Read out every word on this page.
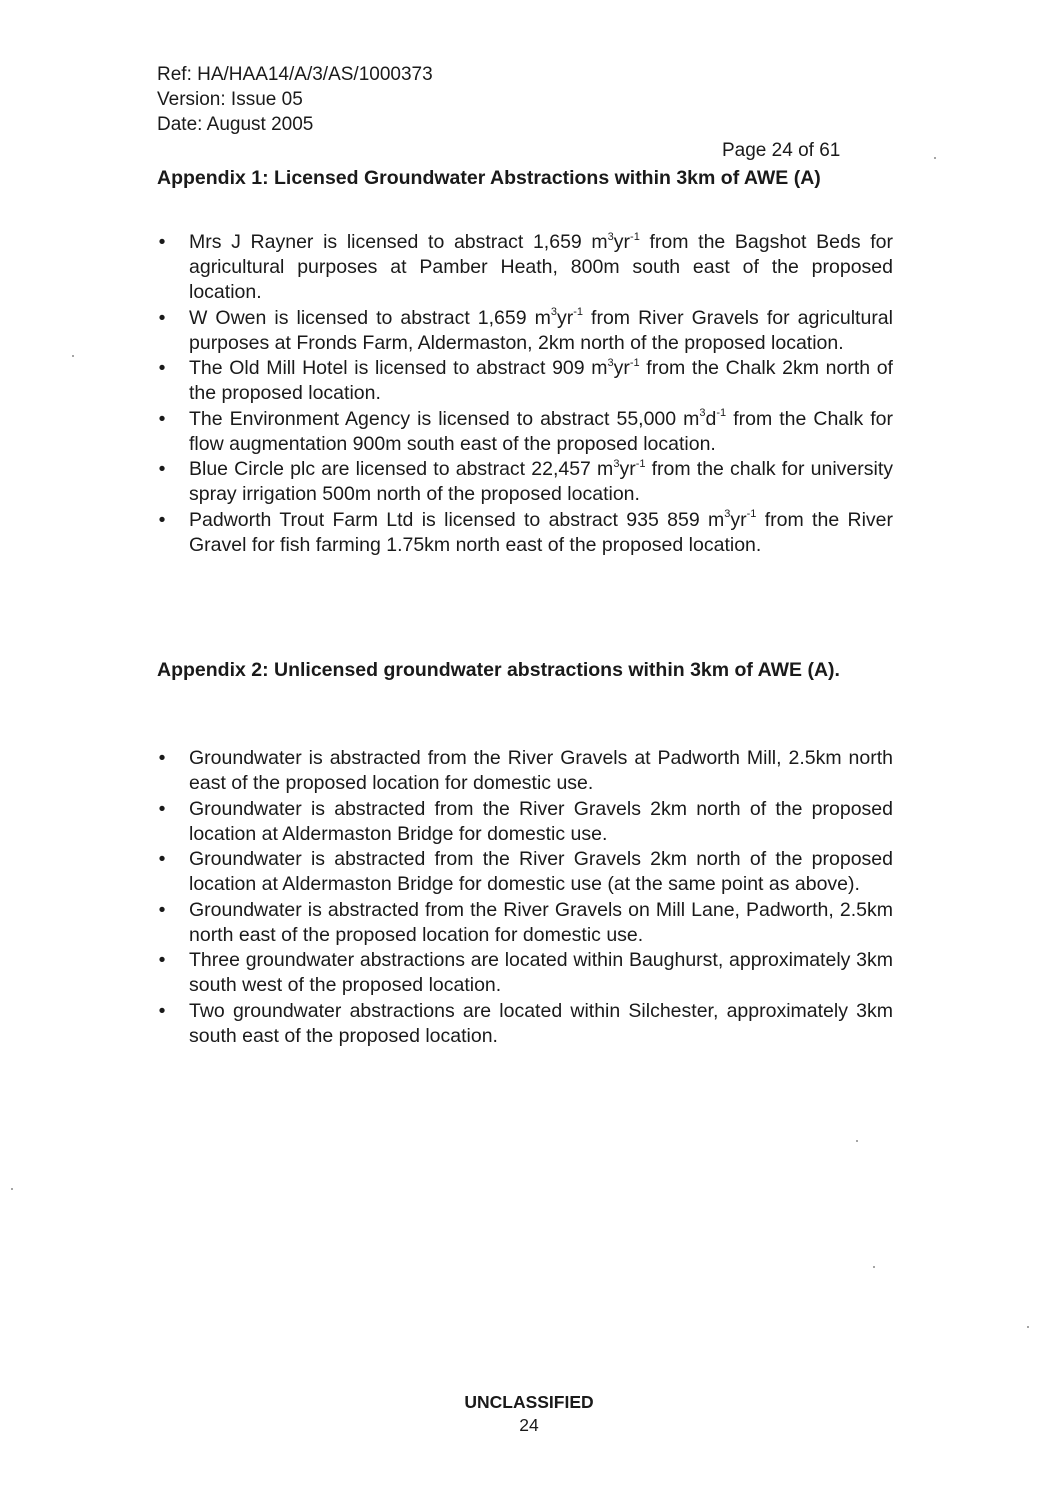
Ref: HA/HAA14/A/3/AS/1000373
Version: Issue 05
Date: August 2005
Page 24 of 61
Appendix 1: Licensed Groundwater Abstractions within 3km of AWE (A)
• Mrs J Rayner is licensed to abstract 1,659 $m^3yr^{-1}$ from the Bagshot Beds for agricultural purposes at Pamber Heath, 800m south east of the proposed location.
• W Owen is licensed to abstract 1,659 $m^3yr^{-1}$ from River Gravels for agricultural purposes at Fronds Farm, Aldermaston, 2km north of the proposed location.
• The Old Mill Hotel is licensed to abstract 909 $m^3yr^{-1}$ from the Chalk 2km north of the proposed location.
• The Environment Agency is licensed to abstract 55,000 $m^3d^{-1}$ from the Chalk for flow augmentation 900m south east of the proposed location.
• Blue Circle plc are licensed to abstract 22,457 $m^3yr^{-1}$ from the chalk for university spray irrigation 500m north of the proposed location.
• Padworth Trout Farm Ltd is licensed to abstract 935 859 $m^3yr^{-1}$ from the River Gravel for fish farming 1.75km north east of the proposed location.
Appendix 2: Unlicensed groundwater abstractions within 3km of AWE (A).
• Groundwater is abstracted from the River Gravels at Padworth Mill, 2.5km north east of the proposed location for domestic use.
• Groundwater is abstracted from the River Gravels 2km north of the proposed location at Aldermaston Bridge for domestic use.
• Groundwater is abstracted from the River Gravels 2km north of the proposed location at Aldermaston Bridge for domestic use (at the same point as above).
• Groundwater is abstracted from the River Gravels on Mill Lane, Padworth, 2.5km north east of the proposed location for domestic use.
• Three groundwater abstractions are located within Baughurst, approximately 3km south west of the proposed location.
• Two groundwater abstractions are located within Silchester, approximately 3km south east of the proposed location.
UNCLASSIFIED
24
